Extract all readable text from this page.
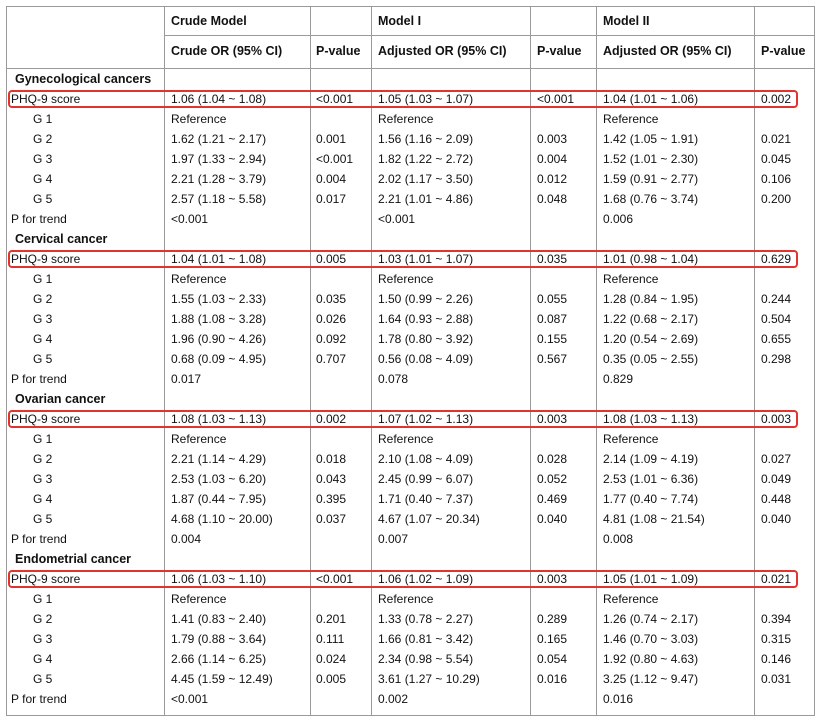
Crude Model	Model I	Model II
Crude OR (95% CI)	P-value Adjusted OR (95% CI) P-value Adjusted OR (95% CI) P-value
Gynecological cancers
PHQ-9 score	1.06 (1.04 ~ 1.08)	<0.001 1.05 (1.03 ~ 1.07)	<0.001 1.04 (1.01 ~ 1.06)	0.002
G 1	Reference	Reference	Reference
G 2	1.62 (1.21 ~ 2.17)	0.001	1.56 (1.16 ~ 2.09)	0.003	1.42 (1.05 ~ 1.91)	0.021
G 3	1.97 (1.33 ~ 2.94)	<0.001 1.82 (1.22 ~ 2.72)	0.004	1.52 (1.01 ~ 2.30)	0.045
G 4	2.21 (1.28 ~ 3.79)	0.004	2.02 (1.17 ~ 3.50)	0.012	1.59 (0.91 ~ 2.77)	0.106
G 5	2.57 (1.18 ~ 5.58)	0.017	2.21 (1.01 ~ 4.86)	0.048	1.68 (0.76 ~ 3.74)	0.200
P for trend	<0.001	<0.001	0.006
Cervical cancer
PHQ-9 score	1.04 (1.01 ~ 1.08)	0.005	1.03 (1.01 ~ 1.07)	0.035	1.01 (0.98 ~ 1.04)	0.629
G 1	Reference	Reference	Reference
G 2	1.55 (1.03 ~ 2.33)	0.035	1.50 (0.99 ~ 2.26)	0.055	1.28 (0.84 ~ 1.95)	0.244
G 3	1.88 (1.08 ~ 3.28)	0.026	1.64 (0.93 ~ 2.88)	0.087	1.22 (0.68 ~ 2.17)	0.504
G 4	1.96 (0.90 ~ 4.26)	0.092	1.78 (0.80 ~ 3.92)	0.155	1.20 (0.54 ~ 2.69)	0.655
G 5	0.68 (0.09 ~ 4.95)	0.707	0.56 (0.08 ~ 4.09)	0.567	0.35 (0.05 ~ 2.55)	0.298
P for trend	0.017	0.078	0.829
Ovarian cancer
PHQ-9 score	1.08 (1.03 ~ 1.13)	0.002	1.07 (1.02 ~ 1.13)	0.003	1.08 (1.03 ~ 1.13)	0.003
G 1	Reference	Reference	Reference
G 2	2.21 (1.14 ~ 4.29)	0.018	2.10 (1.08 ~ 4.09)	0.028	2.14 (1.09 ~ 4.19)	0.027
G 3	2.53 (1.03 ~ 6.20)	0.043	2.45 (0.99 ~ 6.07)	0.052	2.53 (1.01 ~ 6.36)	0.049
G 4	1.87 (0.44 ~ 7.95)	0.395	1.71 (0.40 ~ 7.37)	0.469	1.77 (0.40 ~ 7.74)	0.448
G 5	4.68 (1.10 ~ 20.00)	0.037	4.67 (1.07 ~ 20.34)	0.040	4.81 (1.08 ~ 21.54)	0.040
P for trend	0.004	0.007	0.008
Endometrial cancer
PHQ-9 score	1.06 (1.03 ~ 1.10)	<0.001 1.06 (1.02 ~ 1.09)	0.003	1.05 (1.01 ~ 1.09)	0.021
G 1	Reference	Reference	Reference
G 2	1.41 (0.83 ~ 2.40)	0.201	1.33 (0.78 ~ 2.27)	0.289	1.26 (0.74 ~ 2.17)	0.394
G 3	1.79 (0.88 ~ 3.64)	0.111	1.66 (0.81 ~ 3.42)	0.165	1.46 (0.70 ~ 3.03)	0.315
G 4	2.66 (1.14 ~ 6.25)	0.024	2.34 (0.98 ~ 5.54)	0.054	1.92 (0.80 ~ 4.63)	0.146
G 5	4.45 (1.59 ~ 12.49)	0.005	3.61 (1.27 ~ 10.29)	0.016	3.25 (1.12 ~ 9.47)	0.031
P for trend	<0.001	0.002	0.016
